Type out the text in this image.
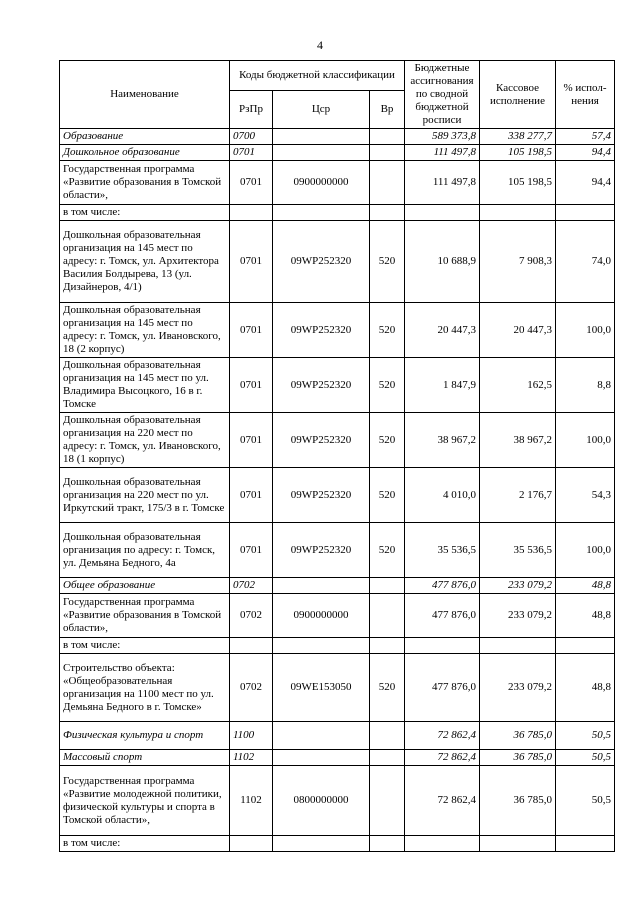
4
Наименование	Коды бюджетной классификации			Бюджетные ассигнования по сводной бюджетной росписи	Кассовое исполнение	% испол-нения
	РзПр	Цср	Вр			
Образование	0700			589 373,8	338 277,7	57,4
Дошкольное образование	0701			111 497,8	105 198,5	94,4
Государственная программа «Развитие образования в Томской области»,	0701	0900000000		111 497,8	105 198,5	94,4
в том числе:						
Дошкольная образовательная организация на 145 мест по адресу: г. Томск, ул. Архитектора Василия Болдырева, 13 (ул. Дизайнеров, 4/1)	0701	09WP252320	520	10 688,9	7 908,3	74,0
Дошкольная образовательная организация на 145 мест по адресу: г. Томск, ул. Ивановского, 18 (2 корпус)	0701	09WP252320	520	20 447,3	20 447,3	100,0
Дошкольная образовательная организация на 145 мест по ул. Владимира Высоцкого, 16 в г. Томске	0701	09WP252320	520	1 847,9	162,5	8,8
Дошкольная образовательная организация на 220 мест по адресу: г. Томск, ул. Ивановского, 18 (1 корпус)	0701	09WP252320	520	38 967,2	38 967,2	100,0
Дошкольная образовательная организация на 220 мест по ул. Иркутский тракт, 175/3 в г. Томске	0701	09WP252320	520	4 010,0	2 176,7	54,3
Дошкольная образовательная организация по адресу: г. Томск, ул. Демьяна Бедного, 4а	0701	09WP252320	520	35 536,5	35 536,5	100,0
Общее образование	0702			477 876,0	233 079,2	48,8
Государственная программа «Развитие образования в Томской области»,	0702	0900000000		477 876,0	233 079,2	48,8
в том числе:						
Строительство объекта: «Общеобразовательная организация на 1100 мест по ул. Демьяна Бедного в г. Томске»	0702	09WE153050	520	477 876,0	233 079,2	48,8
Физическая культура и спорт	1100			72 862,4	36 785,0	50,5
Массовый спорт	1102			72 862,4	36 785,0	50,5
Государственная программа «Развитие молодежной политики, физической культуры и спорта в Томской области»,	1102	0800000000		72 862,4	36 785,0	50,5
в том числе:						
